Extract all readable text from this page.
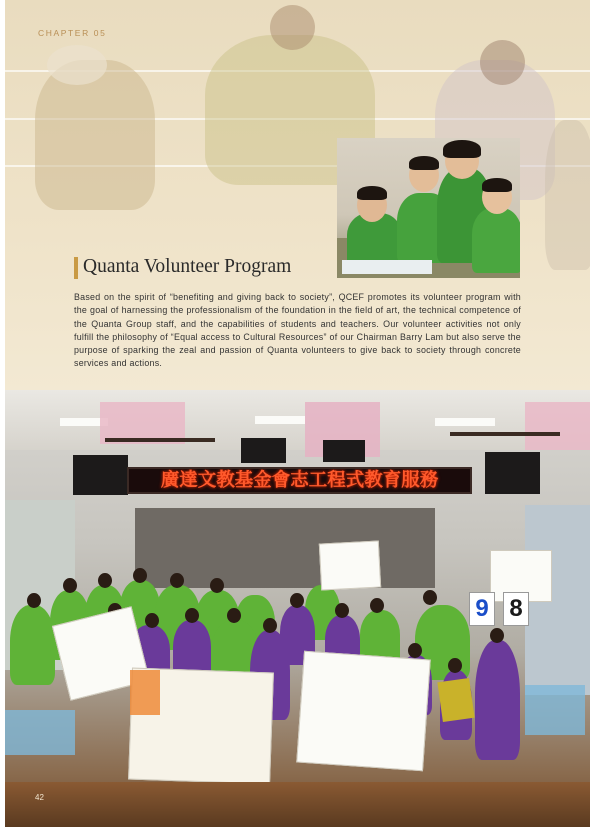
CHAPTER 05
Quanta Volunteer Program
Based on the spirit of “benefiting and giving back to society”, QCEF promotes its volunteer program with the goal of harnessing the professionalism of the foundation in the field of art, the technical competence of the Quanta Group staff, and the capabilities of students and teachers. Our volunteer activities not only fulfill the philosophy of “Equal access to Cultural Resources” of our Chairman Barry Lam but also serve the purpose of sparking the zeal and passion of Quanta volunteers to give back to society through concrete services and actions.
廣達文教基金會志工程式教育服務
9 8
42
